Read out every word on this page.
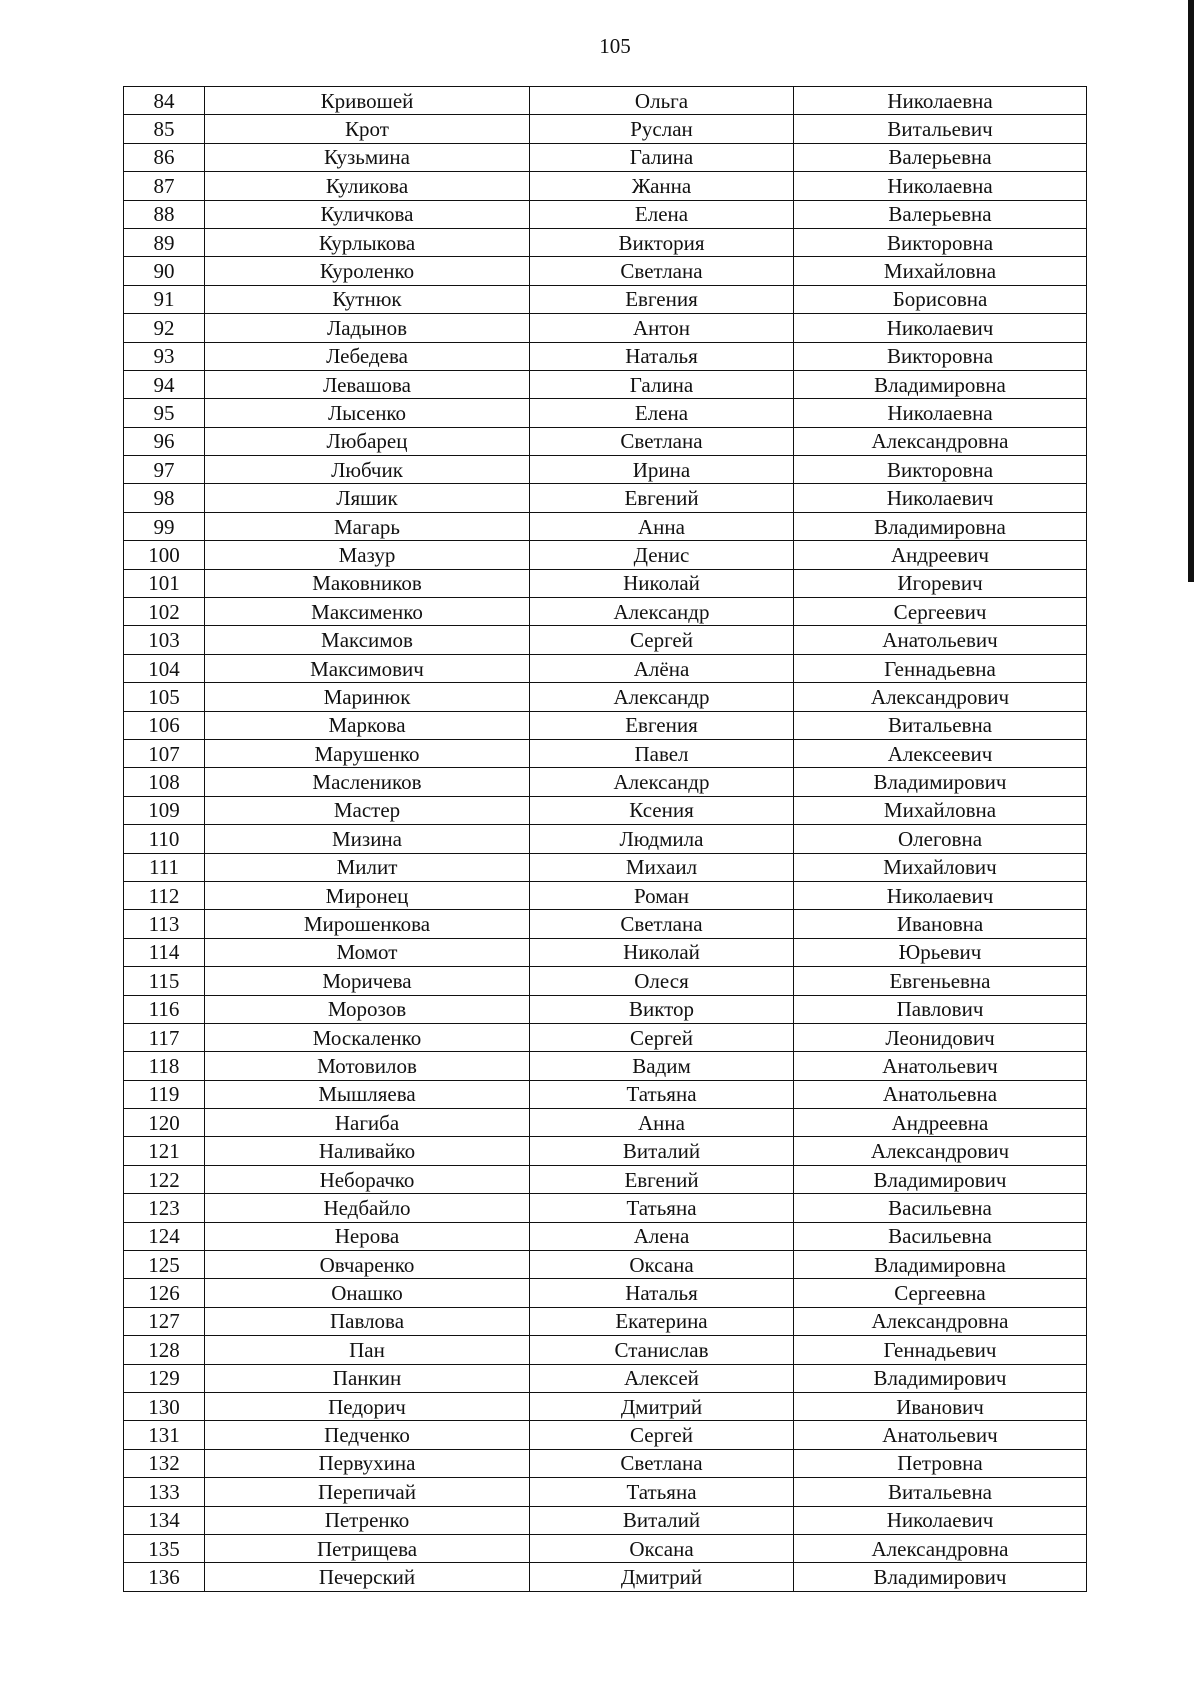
105
84	Кривошей	Ольга	Николаевна
85	Крот	Руслан	Витальевич
86	Кузьмина	Галина	Валерьевна
87	Куликова	Жанна	Николаевна
88	Куличкова	Елена	Валерьевна
89	Курлыкова	Виктория	Викторовна
90	Куроленко	Светлана	Михайловна
91	Кутнюк	Евгения	Борисовна
92	Ладынов	Антон	Николаевич
93	Лебедева	Наталья	Викторовна
94	Левашова	Галина	Владимировна
95	Лысенко	Елена	Николаевна
96	Любарец	Светлана	Александровна
97	Любчик	Ирина	Викторовна
98	Ляшик	Евгений	Николаевич
99	Магарь	Анна	Владимировна
100	Мазур	Денис	Андреевич
101	Маковников	Николай	Игоревич
102	Максименко	Александр	Сергеевич
103	Максимов	Сергей	Анатольевич
104	Максимович	Алёна	Геннадьевна
105	Маринюк	Александр	Александрович
106	Маркова	Евгения	Витальевна
107	Марушенко	Павел	Алексеевич
108	Маслеников	Александр	Владимирович
109	Мастер	Ксения	Михайловна
110	Мизина	Людмила	Олеговна
111	Милит	Михаил	Михайлович
112	Миронец	Роман	Николаевич
113	Мирошенкова	Светлана	Ивановна
114	Момот	Николай	Юрьевич
115	Моричева	Олеся	Евгеньевна
116	Морозов	Виктор	Павлович
117	Москаленко	Сергей	Леонидович
118	Мотовилов	Вадим	Анатольевич
119	Мышляева	Татьяна	Анатольевна
120	Нагиба	Анна	Андреевна
121	Наливайко	Виталий	Александрович
122	Неборачко	Евгений	Владимирович
123	Недбайло	Татьяна	Васильевна
124	Нерова	Алена	Васильевна
125	Овчаренко	Оксана	Владимировна
126	Онашко	Наталья	Сергеевна
127	Павлова	Екатерина	Александровна
128	Пан	Станислав	Геннадьевич
129	Панкин	Алексей	Владимирович
130	Педорич	Дмитрий	Иванович
131	Педченко	Сергей	Анатольевич
132	Первухина	Светлана	Петровна
133	Перепичай	Татьяна	Витальевна
134	Петренко	Виталий	Николаевич
135	Петрищева	Оксана	Александровна
136	Печерский	Дмитрий	Владимирович
